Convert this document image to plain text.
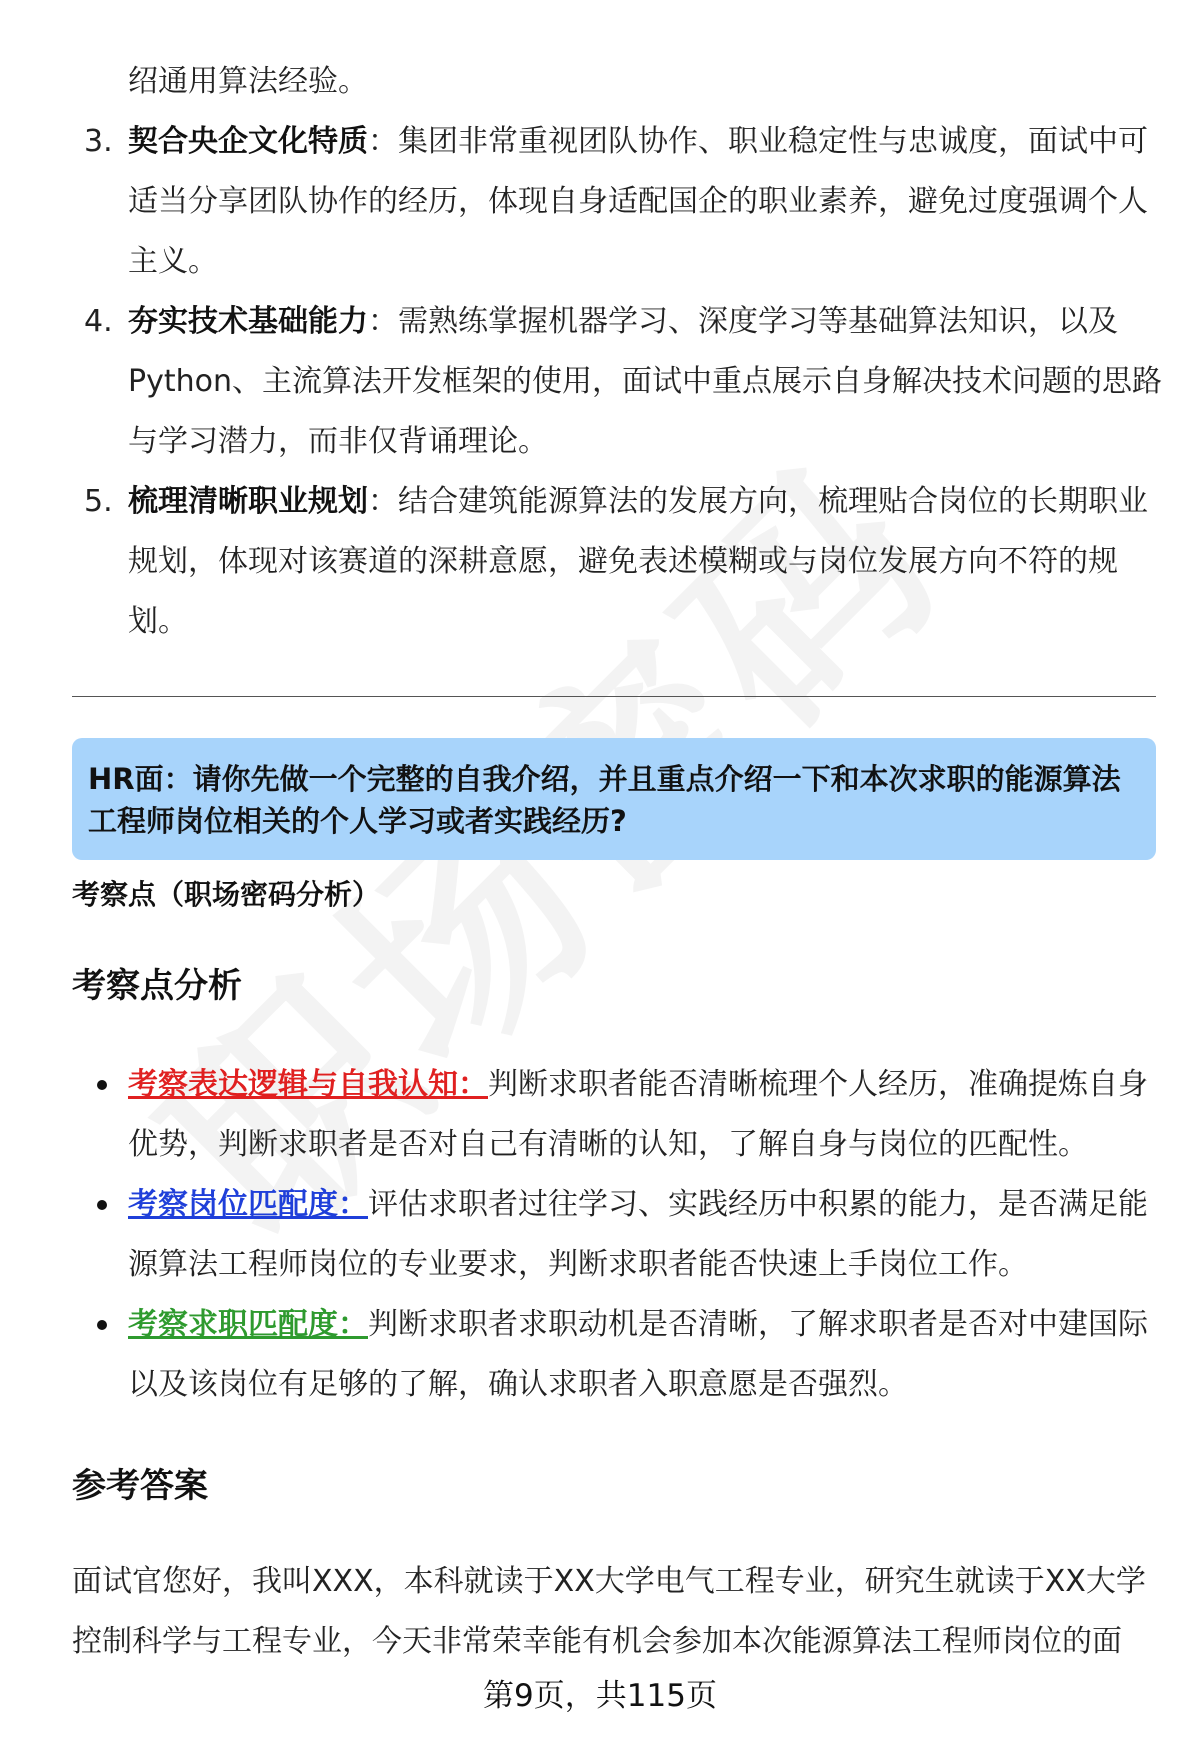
绍通用算法经验。
3. 契合央企文化特质：集团非常重视团队协作、职业稳定性与忠诚度，面试中可适当分享团队协作的经历，体现自身适配国企的职业素养，避免过度强调个人主义。
4. 夯实技术基础能力：需熟练掌握机器学习、深度学习等基础算法知识，以及Python、主流算法开发框架的使用，面试中重点展示自身解决技术问题的思路与学习潜力，而非仅背诵理论。
5. 梳理清晰职业规划：结合建筑能源算法的发展方向，梳理贴合岗位的长期职业规划，体现对该赛道的深耕意愿，避免表述模糊或与岗位发展方向不符的规划。
HR面：请你先做一个完整的自我介绍，并且重点介绍一下和本次求职的能源算法工程师岗位相关的个人学习或者实践经历?
考察点（职场密码分析）
考察点分析
考察表达逻辑与自我认知：判断求职者能否清晰梳理个人经历，准确提炼自身优势，判断求职者是否对自己有清晰的认知，了解自身与岗位的匹配性。
考察岗位匹配度：评估求职者过往学习、实践经历中积累的能力，是否满足能源算法工程师岗位的专业要求，判断求职者能否快速上手岗位工作。
考察求职匹配度：判断求职者求职动机是否清晰，了解求职者是否对中建国际以及该岗位有足够的了解，确认求职者入职意愿是否强烈。
参考答案
面试官您好，我叫XXX，本科就读于XX大学电气工程专业，研究生就读于XX大学控制科学与工程专业，今天非常荣幸能有机会参加本次能源算法工程师岗位的面
第9页，共115页
